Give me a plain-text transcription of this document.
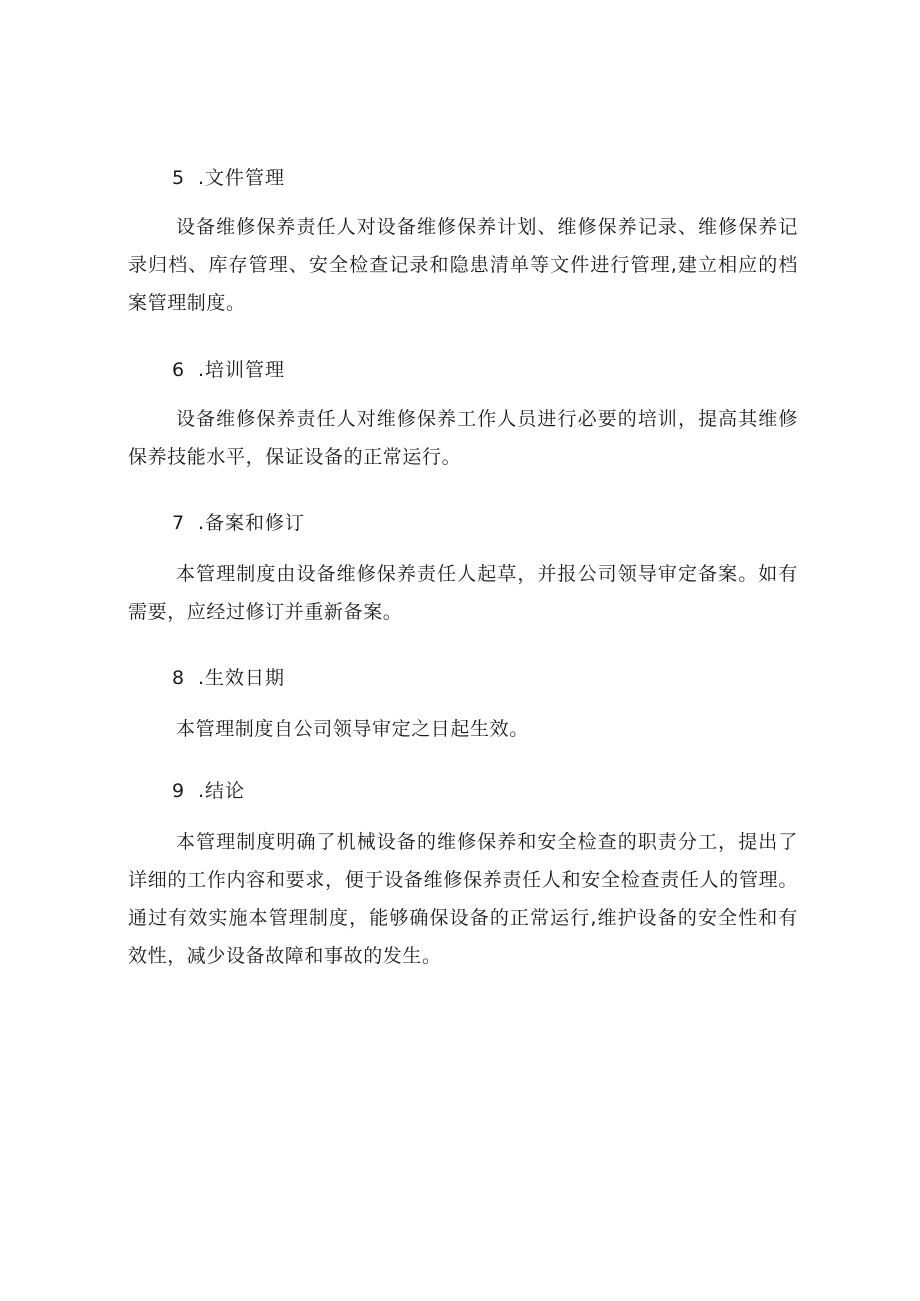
5 .文件管理
设备维修保养责任人对设备维修保养计划、维修保养记录、维修保养记录归档、库存管理、安全检查记录和隐患清单等文件进行管理,建立相应的档案管理制度。
6 .培训管理
设备维修保养责任人对维修保养工作人员进行必要的培训，提高其维修保养技能水平，保证设备的正常运行。
7 .备案和修订
本管理制度由设备维修保养责任人起草，并报公司领导审定备案。如有需要，应经过修订并重新备案。
8 .生效日期
本管理制度自公司领导审定之日起生效。
9 .结论
本管理制度明确了机械设备的维修保养和安全检查的职责分工，提出了详细的工作内容和要求，便于设备维修保养责任人和安全检查责任人的管理。通过有效实施本管理制度，能够确保设备的正常运行,维护设备的安全性和有效性，减少设备故障和事故的发生。
